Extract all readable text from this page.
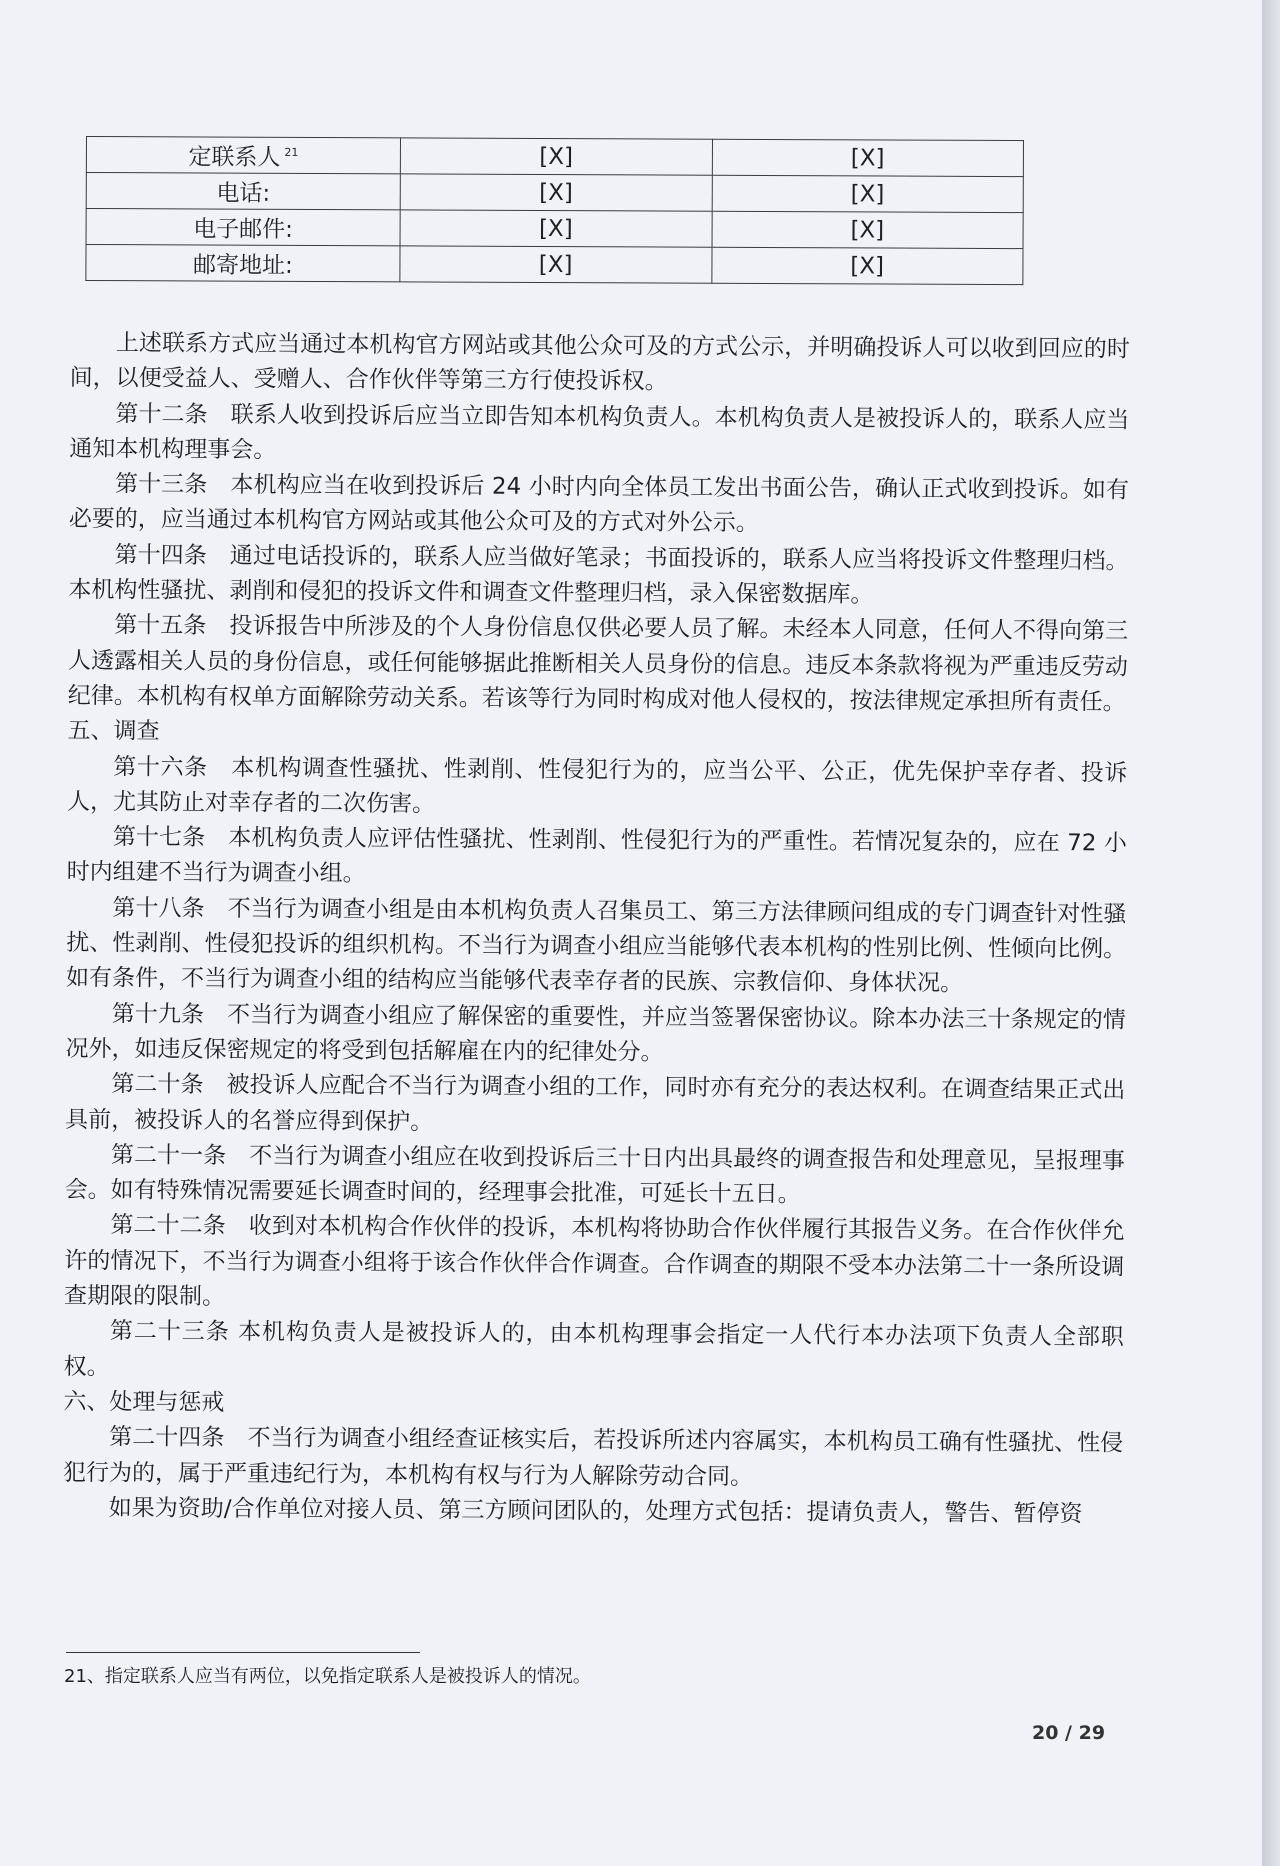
定联系人 $^{21}$	[X]	[X]
电话:	[X]	[X]
电子邮件:	[X]	[X]
邮寄地址:	[X]	[X]

上述联系方式应当通过本机构官方网站或其他公众可及的方式公示，并明确投诉人可以收到回应的时间，以便受益人、受赠人、合作伙伴等第三方行使投诉权。

第十二条　联系人收到投诉后应当立即告知本机构负责人。本机构负责人是被投诉人的，联系人应当通知本机构理事会。

第十三条　本机构应当在收到投诉后 24 小时内向全体员工发出书面公告，确认正式收到投诉。如有必要的，应当通过本机构官方网站或其他公众可及的方式对外公示。

第十四条　通过电话投诉的，联系人应当做好笔录；书面投诉的，联系人应当将投诉文件整理归档。本机构性骚扰、剥削和侵犯的投诉文件和调查文件整理归档，录入保密数据库。

第十五条　投诉报告中所涉及的个人身份信息仅供必要人员了解。未经本人同意，任何人不得向第三人透露相关人员的身份信息，或任何能够据此推断相关人员身份的信息。违反本条款将视为严重违反劳动纪律。本机构有权单方面解除劳动关系。若该等行为同时构成对他人侵权的，按法律规定承担所有责任。

五、调查

第十六条　本机构调查性骚扰、性剥削、性侵犯行为的，应当公平、公正，优先保护幸存者、投诉人，尤其防止对幸存者的二次伤害。

第十七条　本机构负责人应评估性骚扰、性剥削、性侵犯行为的严重性。若情况复杂的，应在 72 小时内组建不当行为调查小组。

第十八条　不当行为调查小组是由本机构负责人召集员工、第三方法律顾问组成的专门调查针对性骚扰、性剥削、性侵犯投诉的组织机构。不当行为调查小组应当能够代表本机构的性别比例、性倾向比例。如有条件，不当行为调查小组的结构应当能够代表幸存者的民族、宗教信仰、身体状况。

第十九条　不当行为调查小组应了解保密的重要性，并应当签署保密协议。除本办法三十条规定的情况外，如违反保密规定的将受到包括解雇在内的纪律处分。

第二十条　被投诉人应配合不当行为调查小组的工作，同时亦有充分的表达权利。在调查结果正式出具前，被投诉人的名誉应得到保护。

第二十一条　不当行为调查小组应在收到投诉后三十日内出具最终的调查报告和处理意见，呈报理事会。如有特殊情况需要延长调查时间的，经理事会批准，可延长十五日。

第二十二条　收到对本机构合作伙伴的投诉，本机构将协助合作伙伴履行其报告义务。在合作伙伴允许的情况下，不当行为调查小组将于该合作伙伴合作调查。合作调查的期限不受本办法第二十一条所设调查期限的限制。

第二十三条 本机构负责人是被投诉人的，由本机构理事会指定一人代行本办法项下负责人全部职权。

六、处理与惩戒

第二十四条　不当行为调查小组经查证核实后，若投诉所述内容属实，本机构员工确有性骚扰、性侵犯行为的，属于严重违纪行为，本机构有权与行为人解除劳动合同。

如果为资助/合作单位对接人员、第三方顾问团队的，处理方式包括：提请负责人，警告、暂停资

21、指定联系人应当有两位，以免指定联系人是被投诉人的情况。
20 / 29
